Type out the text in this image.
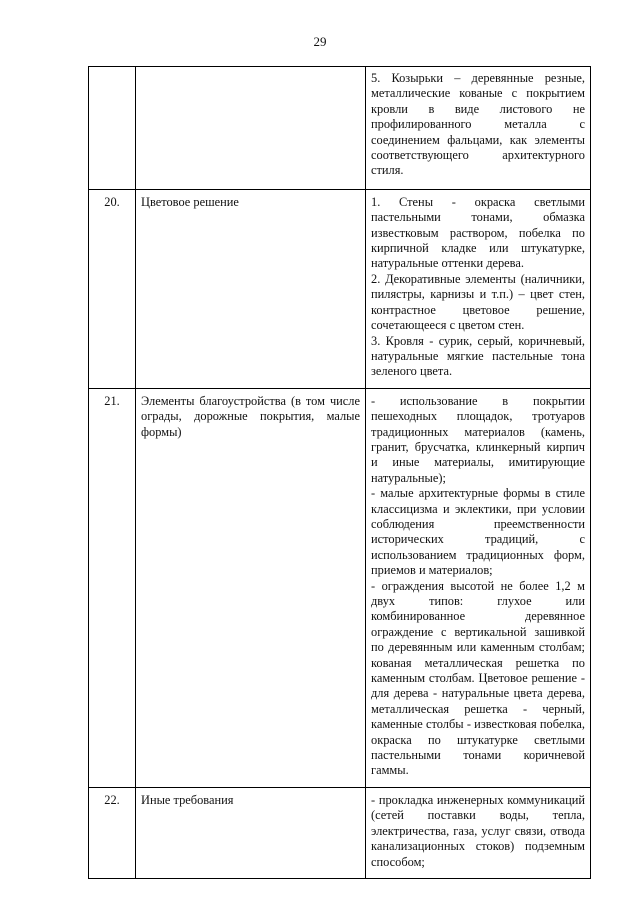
29

		5. Козырьки – деревянные резные, металлические кованые с покрытием кровли в виде листового не профилированного металла с соединением фальцами, как элементы соответствующего архитектурного стиля.

20.	Цветовое решение	1. Стены - окраска светлыми пастельными тонами, обмазка известковым раствором, побелка по кирпичной кладке или штукатурке, натуральные оттенки дерева.
2. Декоративные элементы (наличники, пилястры, карнизы и т.п.) – цвет стен, контрастное цветовое решение, сочетающееся с цветом стен.
3. Кровля - сурик, серый, коричневый, натуральные мягкие пастельные тона зеленого цвета.

21.	Элементы благоустройства (в том числе ограды, дорожные покрытия, малые формы)	- использование в покрытии пешеходных площадок, тротуаров традиционных материалов (камень, гранит, брусчатка, клинкерный кирпич и иные материалы, имитирующие натуральные);
- малые архитектурные формы в стиле классицизма и эклектики, при условии соблюдения преемственности исторических традиций, с использованием традиционных форм, приемов и материалов;
- ограждения высотой не более 1,2 м двух типов: глухое или комбинированное деревянное ограждение с вертикальной зашивкой по деревянным или каменным столбам; кованая металлическая решетка по каменным столбам. Цветовое решение - для дерева - натуральные цвета дерева, металлическая решетка - черный, каменные столбы - известковая побелка, окраска по штукатурке светлыми пастельными тонами коричневой гаммы.

22.	Иные требования	- прокладка инженерных коммуникаций (сетей поставки воды, тепла, электричества, газа, услуг связи, отвода канализационных стоков) подземным способом;
